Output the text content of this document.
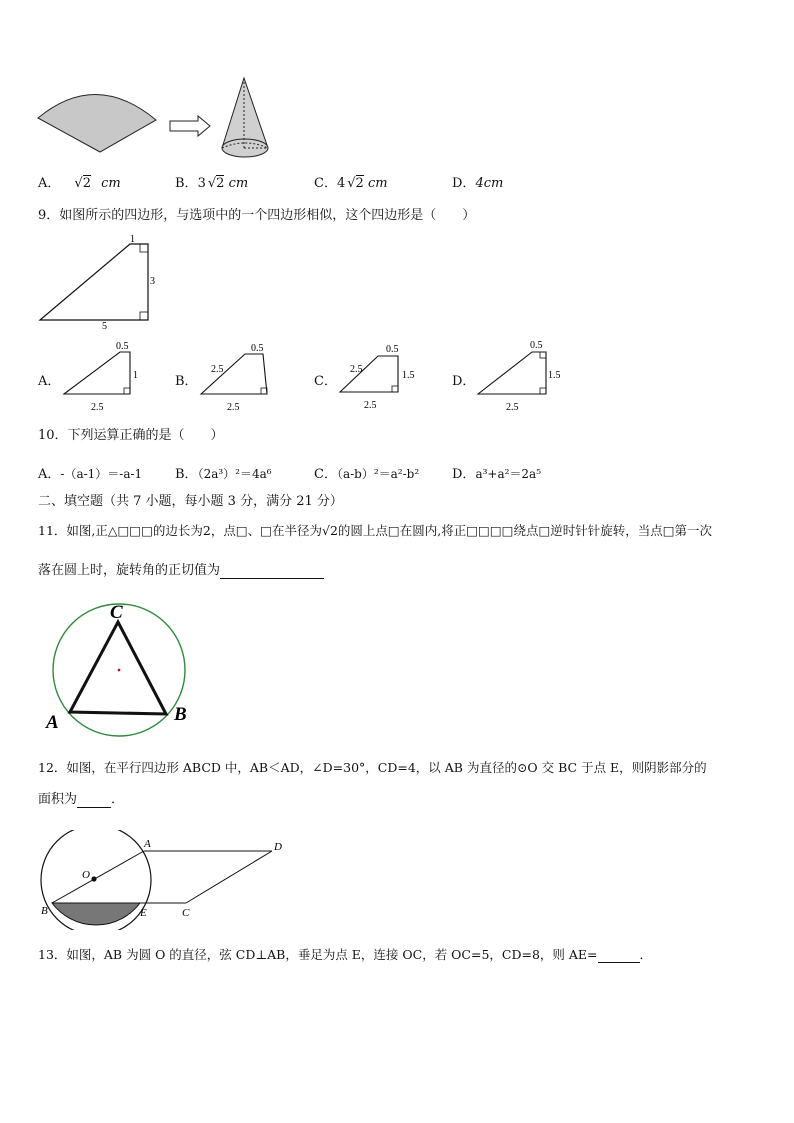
A． √2 cm	B．3 √2 cm	C．4 √2 cm	D．4cm
9．如图所示的四边形，与选项中的一个四边形相似，这个四边形是（　　）
1
3
5
A．
0.5
1
2.5
B．
0.5
2.5
2.5
C．
0.5
2.5
1.5
2.5
D．
0.5
1.5
2.5
10．下列运算正确的是（　　）
A．-（a-1）＝-a-1	B．（2a³）²＝4a⁶	C．（a-b）²＝a²-b²	D．a³+a²＝2a⁵
二、填空题（共 7 小题，每小题 3 分，满分 21 分）
11．如图,正△□□□的边长为2，点□、□在半径为√2的圆上点□在圆内,将正□□□□绕点□逆时针针旋转，当点□第一次
落在圆上时，旋转角的正切值为
C
A	B
12．如图，在平行四边形 ABCD 中，AB＜AD，∠D=30°，CD=4，以 AB 为直径的⊙O 交 BC 于点 E，则阴影部分的
面积为	．
A	D
O
B	E	C
13．如图，AB 为圆 O 的直径，弦 CD⊥AB，垂足为点 E，连接 OC，若 OC=5，CD=8，则 AE=	．
